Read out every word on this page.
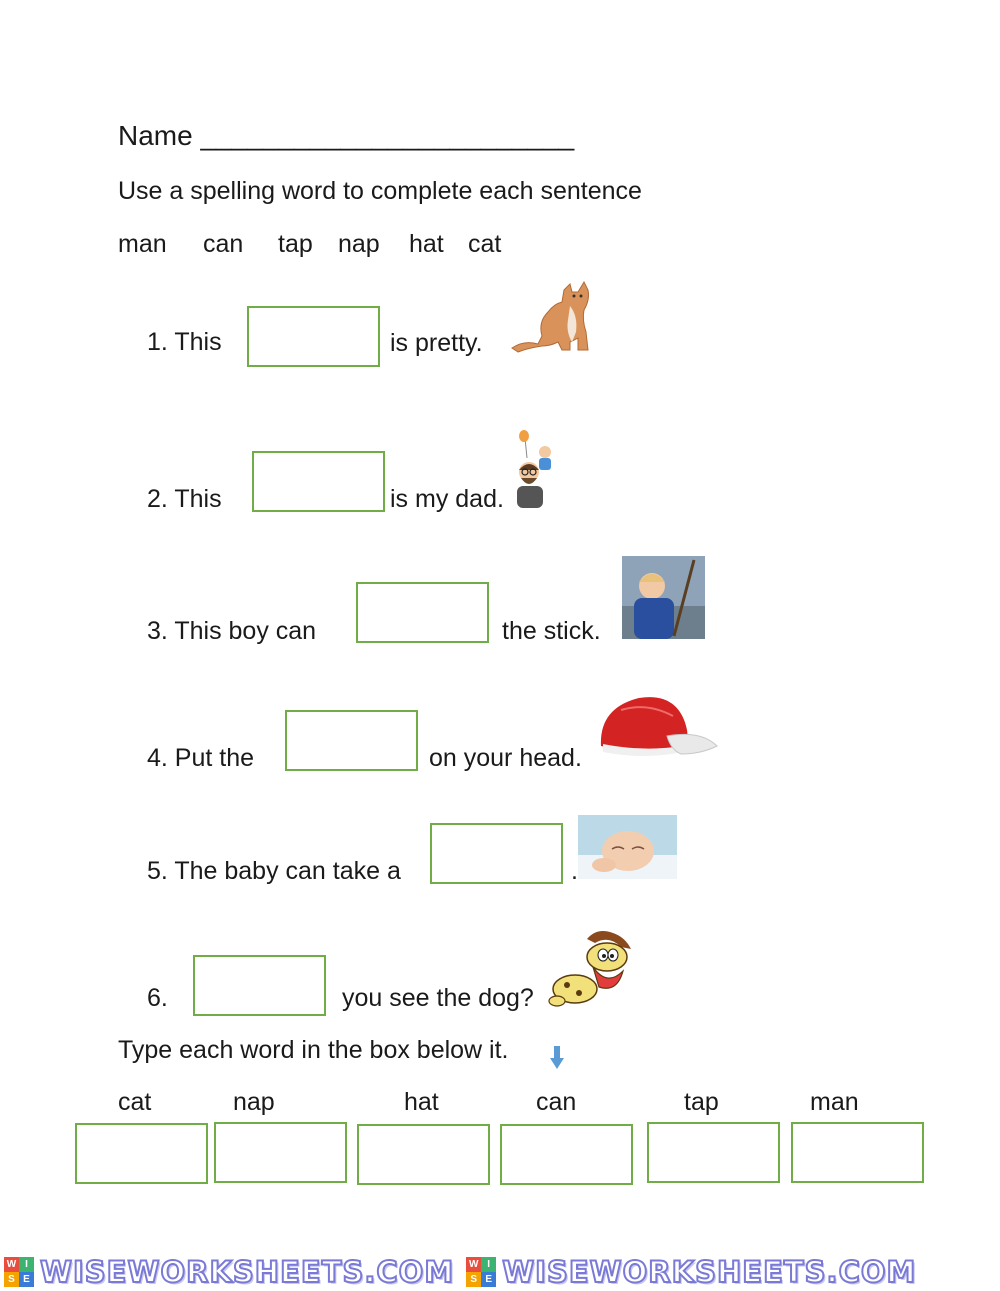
Name ________________________
Use a spelling word to complete each sentence
man can tap nap hat cat
1. This	is pretty.
2. This	is my dad.
3. This boy can	the stick.
4. Put the	on your head.
5. The baby can take a	.
6.	you see the dog?
Type each word in the box below it.
cat	nap	hat	can	tap	man
W I
S E WISEWORKSHEETS.COM W I
S E WISEWORKSHEETS.COM
